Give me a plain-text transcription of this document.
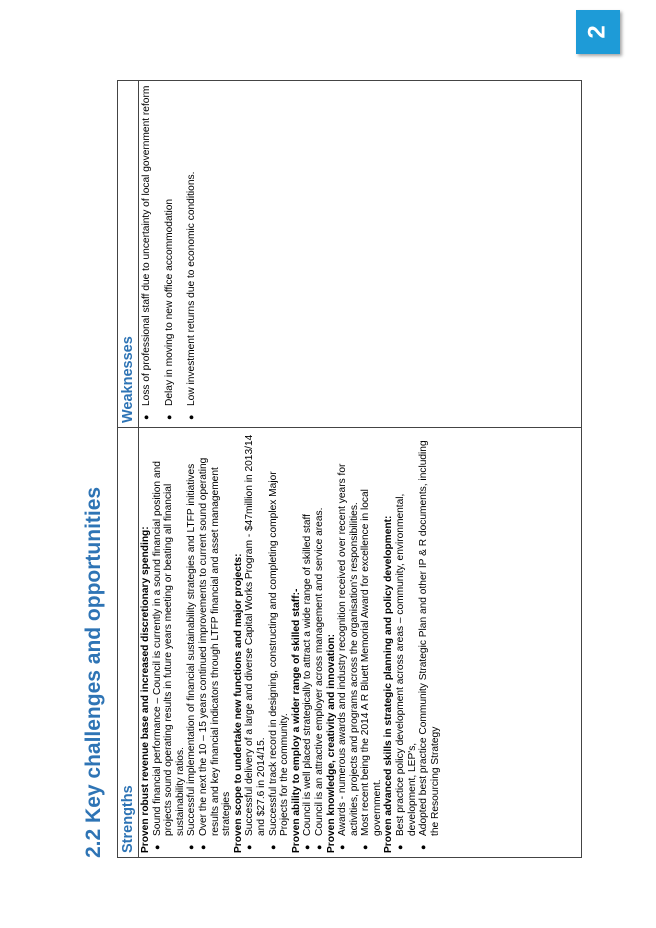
2
2.2 Key challenges and opportunities Strengths Proven robust revenue base and increased discretionary spending: ●
Sound financial performance – Council is currently in a sound financial position and projects sound operating results in future years meeting or beating all financial sustainability ratios.

●
Successful implementation of financial sustainability strategies and LTFP initiatives

●
Over the next the 10 – 15 years continued improvements to current sound operating results and key financial indicators through LTFP financial and asset management strategies Proven scope to undertake new functions and major projects: ●
Successful delivery of a large and diverse Capital Works Program - $47million in 2013/14 and $27.6 in 2014/15.

●
Successful track record in designing, constructing and completing complex Major Projects for the community. Proven ability to employ a wider range of skilled staff:- ●
Council is well placed strategically to attract a wide range of skilled staff

●
Council is an attractive employer across management and service areas. Proven knowledge, creativity and innovation: ●
Awards - numerous awards and industry recognition received over recent years for activities, projects and programs across the organisation's responsibilities.

●
Most recent being the 2014 A R Bluett Memorial Award for excellence in local government. Proven advanced skills in strategic planning and policy development: ●
Best practice policy development across areas – community, environmental, development, LEP's,

●
Adopted best practice Community Strategic Plan and other IP & R documents, including the Resourcing Strategy

Weaknesses ●
Loss of professional staff due to uncertainty of local government reform

●
Delay in moving to new office accommodation

●
Low investment returns due to economic conditions.
